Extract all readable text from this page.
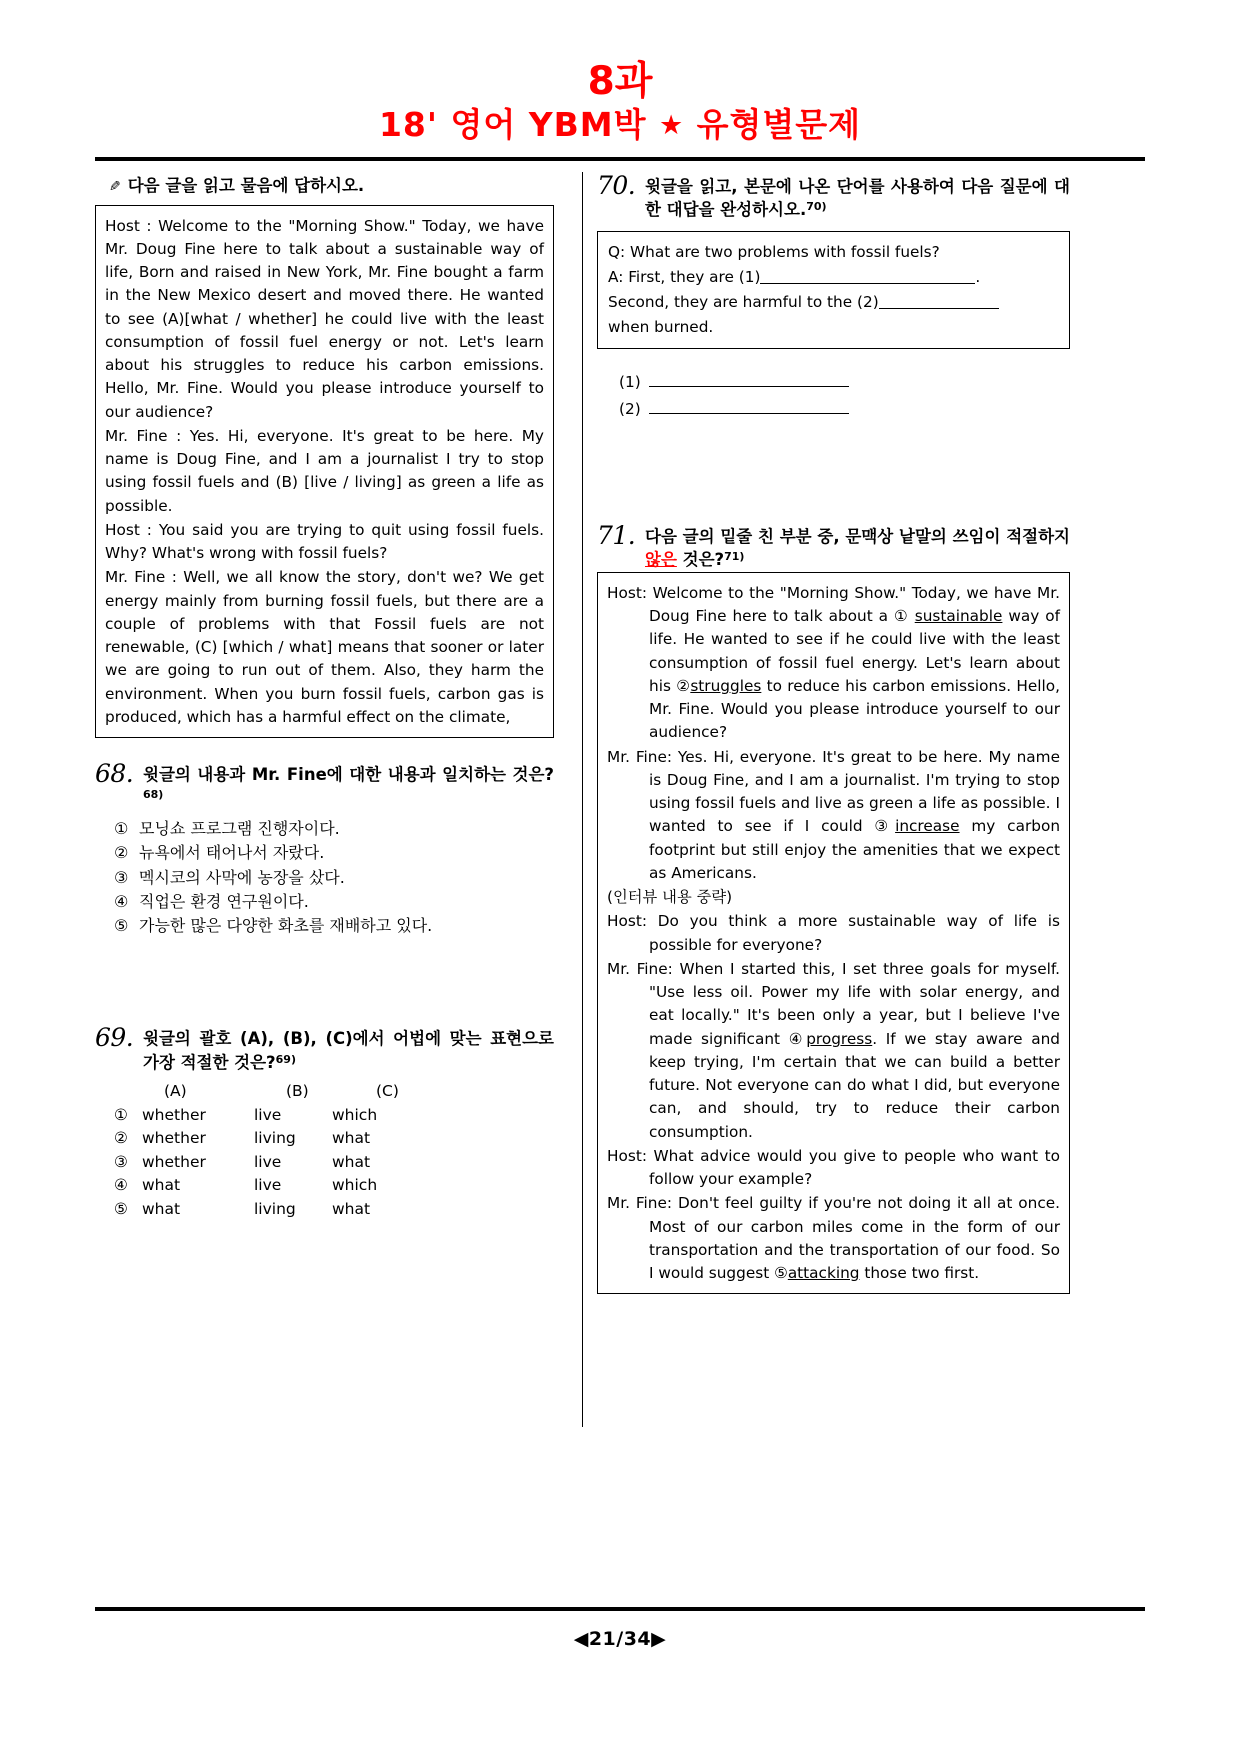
8과
18' 영어 YBM박 ★ 유형별문제
✎ 다음 글을 읽고 물음에 답하시오.

Host : Welcome to the "Morning Show." Today, we have Mr. Doug Fine here to talk about a sustainable way of life, Born and raised in New York, Mr. Fine bought a farm in the New Mexico desert and moved there. He wanted to see (A)[what / whether] he could live with the least consumption of fossil fuel energy or not. Let's learn about his struggles to reduce his carbon emissions. Hello, Mr. Fine. Would you please introduce yourself to our audience?

Mr. Fine : Yes. Hi, everyone. It's great to be here. My name is Doug Fine, and I am a journalist I try to stop using fossil fuels and (B) [live / living] as green a life as possible.

Host : You said you are trying to quit using fossil fuels. Why? What's wrong with fossil fuels?

Mr. Fine : Well, we all know the story, don't we? We get energy mainly from burning fossil fuels, but there are a couple of problems with that Fossil fuels are not renewable, (C) [which / what] means that sooner or later we are going to run out of them. Also, they harm the environment. When you burn fossil fuels, carbon gas is produced, which has a harmful effect on the climate,

68. 윗글의 내용과 Mr. Fine에 대한 내용과 일치하는 것은?$^{68)}$
① 모닝쇼 프로그램 진행자이다.
② 뉴욕에서 태어나서 자랐다.
③ 멕시코의 사막에 농장을 샀다.
④ 직업은 환경 연구원이다.
⑤ 가능한 많은 다양한 화초를 재배하고 있다.
69. 윗글의 괄호 (A), (B), (C)에서 어법에 맞는 표현으로 가장 적절한 것은?$^{69)}$
(A)	(B)	(C)
① whether	live	which
② whether	living	what
③ whether	live	what
④ what	live	which
⑤ what	living	what
70. 윗글을 읽고, 본문에 나온 단어를 사용하여 다음 질문에 대한 대답을 완성하시오.$^{70)}$

Q: What are two problems with fossil fuels?

A: First, they are (1)	.

Second, they are harmful to the (2)

when burned.

(1)
(2)
71. 다음 글의 밑줄 친 부분 중, 문맥상 낱말의 쓰임이 적절하지 않은 것은?$^{71)}$

Host: Welcome to the "Morning Show." Today, we have Mr. Doug Fine here to talk about a ① sustainable way of life. He wanted to see if he could live with the least consumption of fossil fuel energy. Let's learn about his ②struggles to reduce his carbon emissions. Hello, Mr. Fine. Would you please introduce yourself to our audience?

Mr. Fine: Yes. Hi, everyone. It's great to be here. My name is Doug Fine, and I am a journalist. I'm trying to stop using fossil fuels and live as green a life as possible. I wanted to see if I could ③increase my carbon footprint but still enjoy the amenities that we expect as Americans.

(인터뷰 내용 중략)

Host: Do you think a more sustainable way of life is possible for everyone?

Mr. Fine: When I started this, I set three goals for myself. "Use less oil. Power my life with solar energy, and eat locally." It's been only a year, but I believe I've made significant ④progress. If we stay aware and keep trying, I'm certain that we can build a better future. Not everyone can do what I did, but everyone can, and should, try to reduce their carbon consumption.

Host: What advice would you give to people who want to follow your example?

Mr. Fine: Don't feel guilty if you're not doing it all at once. Most of our carbon miles come in the form of our transportation and the transportation of our food. So I would suggest ⑤attacking those two first.

◀21/34▶
